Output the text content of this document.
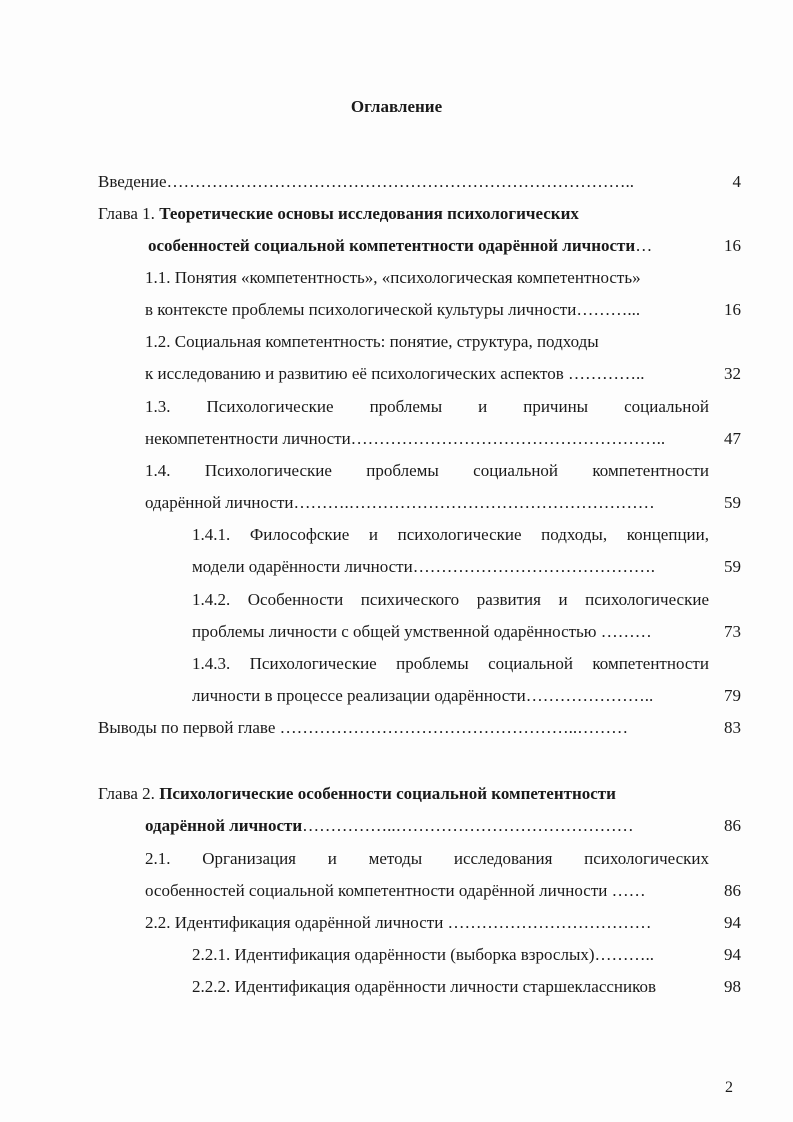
Оглавление
Введение………………………………………………………………………..	4
Глава 1. Теоретические основы исследования психологических
особенностей социальной компетентности одарённой личности…	16
1.1. Понятия «компетентность», «психологическая компетентность»
в контексте проблемы психологической культуры личности………...	16
1.2. Социальная компетентность: понятие, структура, подходы
к исследованию и развитию её психологических аспектов …………..	32
1.3. Психологические проблемы и причины социальной
некомпетентности личности………………………………………………..	47
1.4. Психологические проблемы социальной компетентности
одарённой личности……….………………………………………………	59
1.4.1. Философские и психологические подходы, концепции,
модели одарённости личности…………………………………….	59
1.4.2. Особенности психического развития и психологические
проблемы личности с общей умственной одарённостью ………	73
1.4.3. Психологические проблемы социальной компетентности
личности в процессе реализации одарённости…………………..	79
Выводы по первой главе ……………………………………………..………	83
Глава 2. Психологические особенности социальной компетентности
одарённой личности……………..……………………………………	86
2.1. Организация и методы исследования психологических
особенностей социальной компетентности одарённой личности ……	86
2.2. Идентификация одарённой личности ………………………………	94
2.2.1. Идентификация одарённости (выборка взрослых)………..	94
2.2.2. Идентификация одарённости личности старшеклассников	98
2
